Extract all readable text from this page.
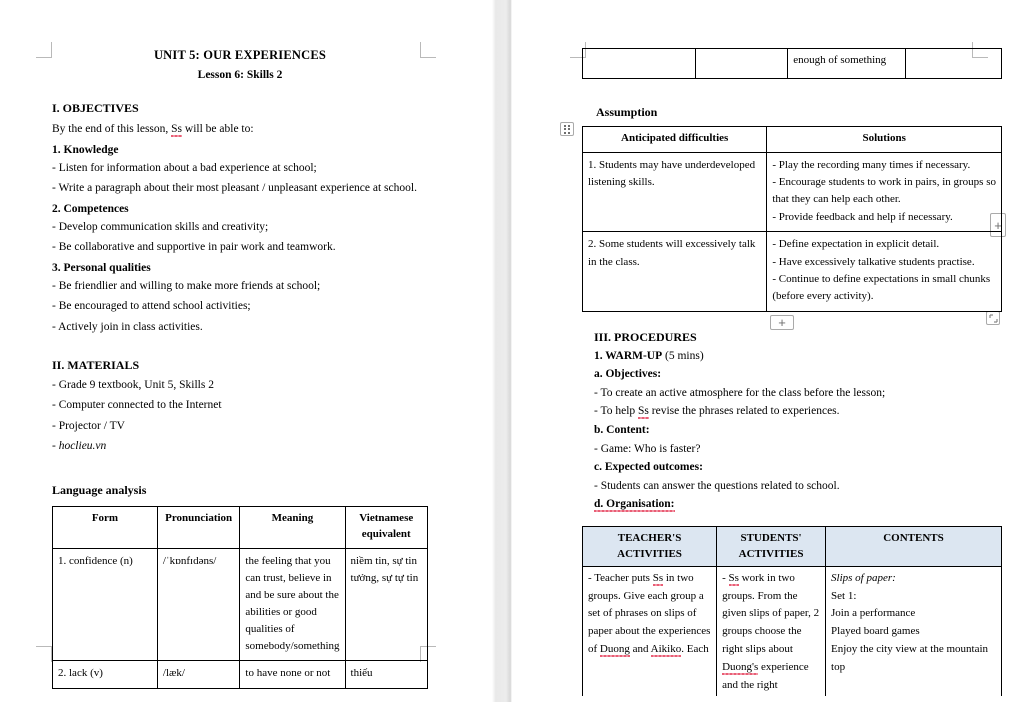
UNIT 5: OUR EXPERIENCES
Lesson 6: Skills 2
I. OBJECTIVES
By the end of this lesson, Ss will be able to:
1. Knowledge
- Listen for information about a bad experience at school;
- Write a paragraph about their most pleasant / unpleasant experience at school.
2. Competences
- Develop communication skills and creativity;
- Be collaborative and supportive in pair work and teamwork.
3. Personal qualities
- Be friendlier and willing to make more friends at school;
- Be encouraged to attend school activities;
- Actively join in class activities.
II. MATERIALS
- Grade 9 textbook, Unit 5, Skills 2
- Computer connected to the Internet
- Projector / TV
- hoclieu.vn
Language analysis
Form	Pronunciation	Meaning	Vietnamese equivalent
1. confidence (n)	/ˈkɒnfɪdəns/	the feeling that you can trust, believe in and be sure about the abilities or good qualities of somebody/something	niềm tin, sự tin tưởng, sự tự tin
2. lack (v)	/læk/	to have none or not	thiếu
+
+
		enough of something	
Assumption
Anticipated difficulties	Solutions
1. Students may have underdeveloped listening skills.	- Play the recording many times if necessary.
- Encourage students to work in pairs, in groups so that they can help each other.
- Provide feedback and help if necessary.

2. Some students will excessively talk in the class.	- Define expectation in explicit detail.
- Have excessively talkative students practise.
- Continue to define expectations in small chunks (before every activity).
III. PROCEDURES
1. WARM-UP (5 mins)
a. Objectives:
- To create an active atmosphere for the class before the lesson;
- To help Ss revise the phrases related to experiences.
b. Content:
- Game: Who is faster?
c. Expected outcomes:
- Students can answer the questions related to school.
d. Organisation:
TEACHER'S ACTIVITIES	STUDENTS' ACTIVITIES	CONTENTS
- Teacher puts Ss in two groups. Give each group a set of phrases on slips of paper about the experiences of Duong and Aikiko. Each	- Ss work in two groups. From the given slips of paper, 2 groups choose the right slips about Duong's experience and the right	Slips of paper:
Set 1:
Join a performance
Played board games
Enjoy the city view at the mountain top
